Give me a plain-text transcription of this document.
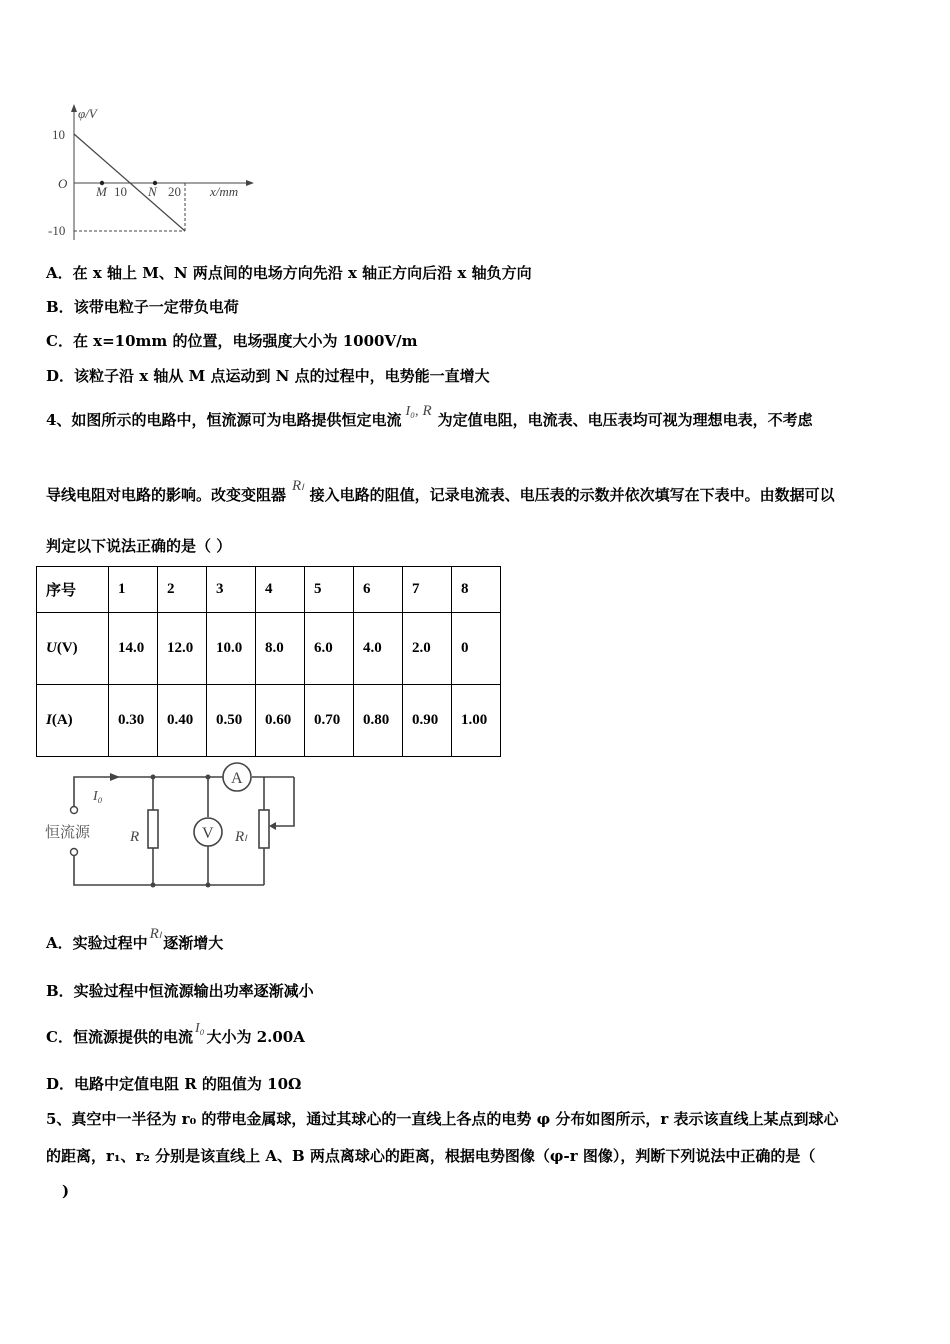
φ/V
10
O
-10
M 10 N 20 x/mm
A．在 x 轴上 M、N 两点间的电场方向先沿 x 轴正方向后沿 x 轴负方向
B．该带电粒子一定带负电荷
C．在 x=10mm 的位置，电场强度大小为 1000V/m
D．该粒子沿 x 轴从 M 点运动到 N 点的过程中，电势能一直增大
4、如图所示的电路中，恒流源可为电路提供恒定电流 I₀, R 为定值电阻，电流表、电压表均可视为理想电表，不考虑
导线电阻对电路的影响。改变变阻器 Rₗ 接入电路的阻值，记录电流表、电压表的示数并依次填写在下表中。由数据可以
判定以下说法正确的是（ ）
序号	1	2	3	4	5	6	7	8
U(V)	14.0	12.0	10.0	8.0	6.0	4.0	2.0	0
I(A)	0.30	0.40	0.50	0.60	0.70	0.80	0.90	1.00
I₀
恒流源	R	V
A
Rₗ
A．实验过程中 Rₗ 逐渐增大
B．实验过程中恒流源输出功率逐渐减小
C．恒流源提供的电流 I₀ 大小为 2.00A
D．电路中定值电阻 R 的阻值为 10Ω
5、真空中一半径为 r₀ 的带电金属球，通过其球心的一直线上各点的电势 φ 分布如图所示，r 表示该直线上某点到球心
的距离，r₁、r₂ 分别是该直线上 A、B 两点离球心的距离，根据电势图像（φ-r 图像），判断下列说法中正确的是（
)
